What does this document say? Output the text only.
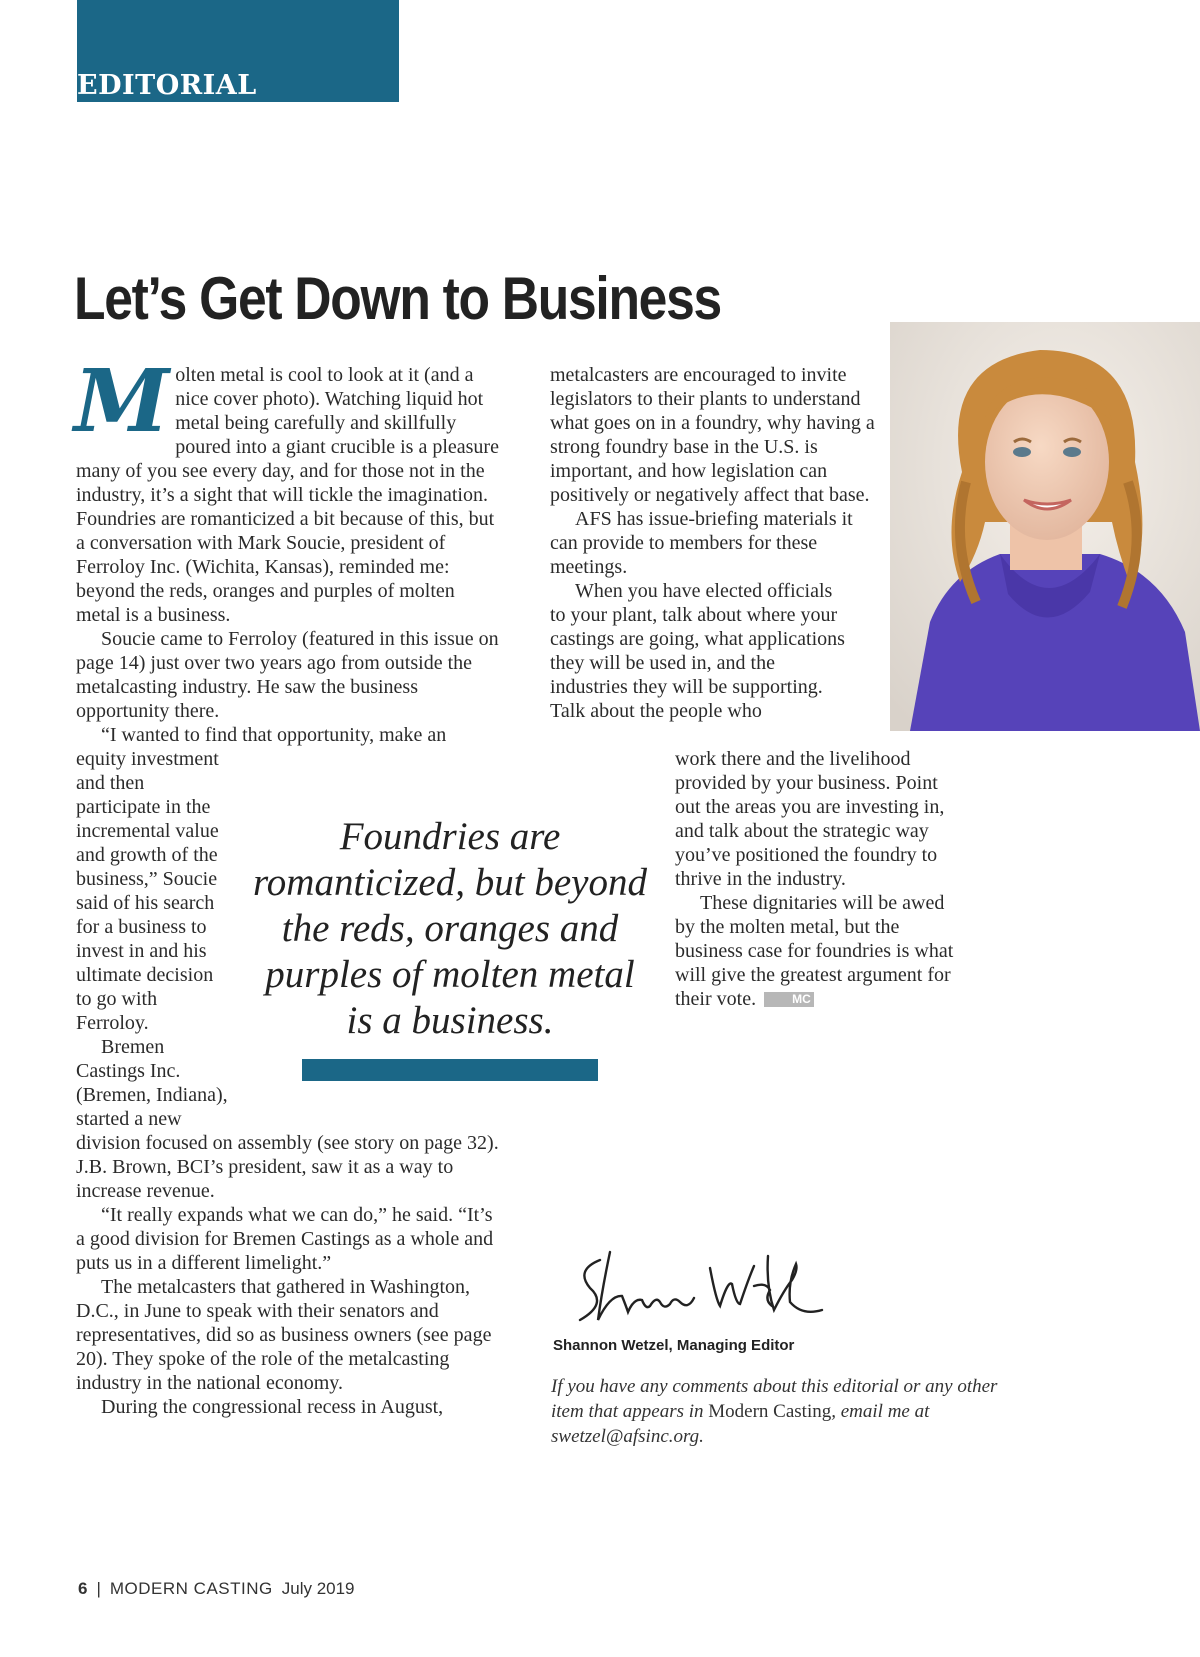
EDITORIAL
Let’s Get Down to Business

Molten metal is cool to look at it (and a nice cover photo). Watching liquid hot metal being carefully and skillfully poured into a giant crucible is a pleasure many of you see every day, and for those not in the industry, it’s a sight that will tickle the imagination. Foundries are romanticized a bit because of this, but a conversation with Mark Soucie, president of Ferroloy Inc. (Wichita, Kansas), reminded me: beyond the reds, oranges and purples of molten metal is a business.

Soucie came to Ferroloy (featured in this issue on page 14) just over two years ago from outside the metalcasting industry. He saw the business opportunity there.

“I wanted to find that opportunity, make an

equity investment and then participate in the incremental value and growth of the business,” Soucie said of his search for a business to invest in and his ultimate decision to go with Ferroloy.

Bremen Castings Inc. (Bremen, Indiana), started a new

division focused on assembly (see story on page 32). J.B. Brown, BCI’s president, saw it as a way to increase revenue.

“It really expands what we can do,” he said. “It’s a good division for Bremen Castings as a whole and puts us in a different limelight.”

The metalcasters that gathered in Washington, D.C., in June to speak with their senators and representatives, did so as business owners (see page 20). They spoke of the role of the metalcasting industry in the national economy.

During the congressional recess in August,

metalcasters are encouraged to invite legislators to their plants to understand what goes on in a foundry, why having a strong foundry base in the U.S. is important, and how legislation can positively or negatively affect that base.

AFS has issue-briefing materials it can provide to members for these meetings.

When you have elected officials to your plant, talk about where your castings are going, what applications they will be used in, and the industries they will be supporting. Talk about the people who

work there and the livelihood provided by your business. Point out the areas you are investing in, and talk about the strategic way you’ve positioned the foundry to thrive in the industry.

These dignitaries will be awed by the molten metal, but the business case for foundries is what will give the greatest argument for their vote.	MC

Foundries are romanticized, but beyond the reds, oranges and purples of molten metal is a business.
Shannon Wetzel, Managing Editor
If you have any comments about this editorial or any other item that appears in Modern Casting, email me at swetzel@afsinc.org.
6 | MODERN CASTING July 2019
